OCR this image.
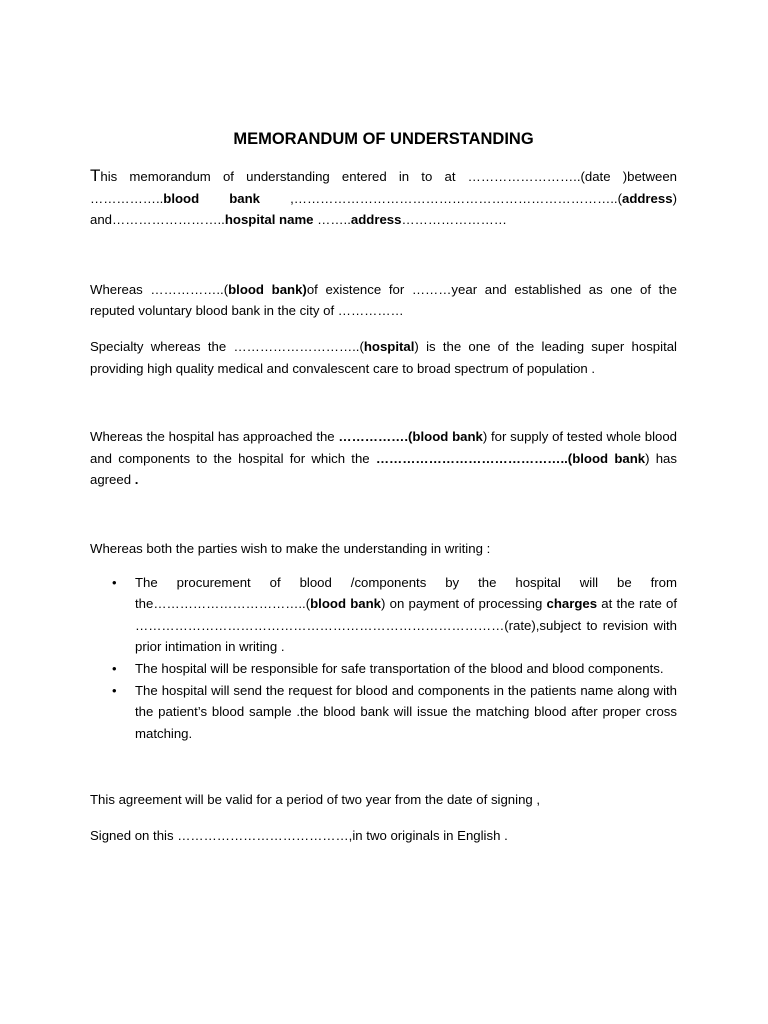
MEMORANDUM OF UNDERSTANDING

This memorandum of understanding entered in to at ……………………..(date )between ……………..blood bank ,………………………………………………………………..(address) and……………………..hospital name ……..address……………………

Whereas ……………..(blood bank)of existence for ………year and established as one of the reputed voluntary blood bank in the city of ……………

Specialty whereas the ………………………..(hospital) is the one of the leading super hospital providing high quality medical and convalescent care to broad spectrum of population .

Whereas the hospital has approached the …………….(blood bank) for supply of tested whole blood and components to the hospital for which the ……………………………………..(blood bank) has agreed .

Whereas both the parties wish to make the understanding in writing :

• The procurement of blood /components by the hospital will be from the……………………………..(blood bank) on payment of processing charges at the rate of …………………………………………………………………………(rate),subject to revision with prior intimation in writing .
• The hospital will be responsible for safe transportation of the blood and blood components.
• The hospital will send the request for blood and components in the patients name along with the patient’s blood sample .the blood bank will issue the matching blood after proper cross matching.

This agreement will be valid for a period of two year from the date of signing ,

Signed on this …………………………………,in two originals in English .
